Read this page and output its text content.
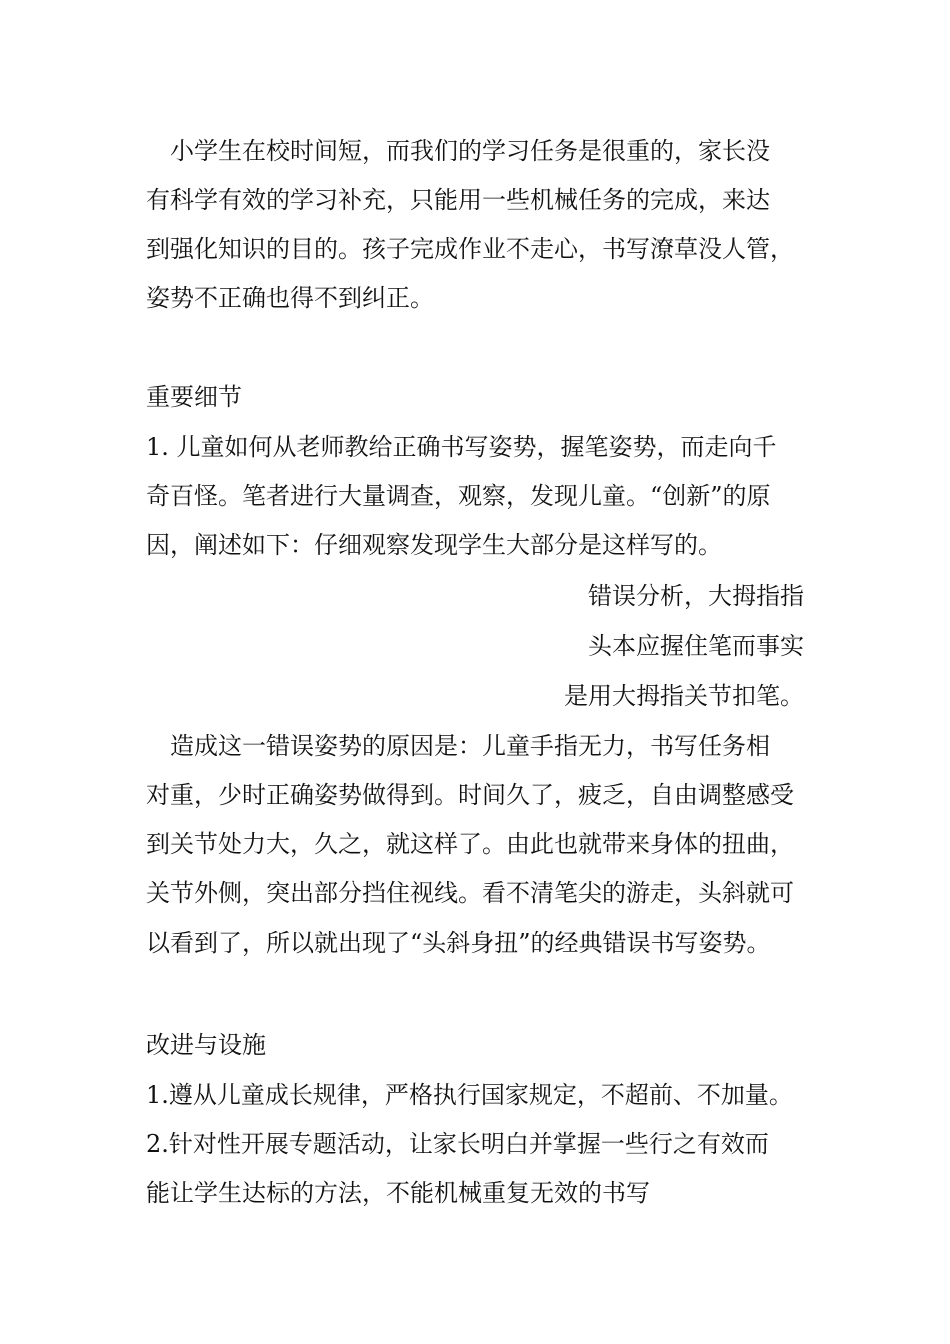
小学生在校时间短，而我们的学习任务是很重的，家长没
有科学有效的学习补充，只能用一些机械任务的完成，来达
到强化知识的目的。孩子完成作业不走心，书写潦草没人管，
姿势不正确也得不到纠正。
重要细节
1. 儿童如何从老师教给正确书写姿势，握笔姿势，而走向千
奇百怪。笔者进行大量调查，观察，发现儿童。“创新”的原
因，阐述如下：仔细观察发现学生大部分是这样写的。
错误分析，大拇指指
头本应握住笔而事实
是用大拇指关节扣笔。
造成这一错误姿势的原因是：儿童手指无力，书写任务相
对重，少时正确姿势做得到。时间久了，疲乏，自由调整感受
到关节处力大，久之，就这样了。由此也就带来身体的扭曲，
关节外侧，突出部分挡住视线。看不清笔尖的游走，头斜就可
以看到了，所以就出现了“头斜身扭”的经典错误书写姿势。
改进与设施
1.遵从儿童成长规律，严格执行国家规定，不超前、不加量。
2.针对性开展专题活动，让家长明白并掌握一些行之有效而
能让学生达标的方法，不能机械重复无效的书写
